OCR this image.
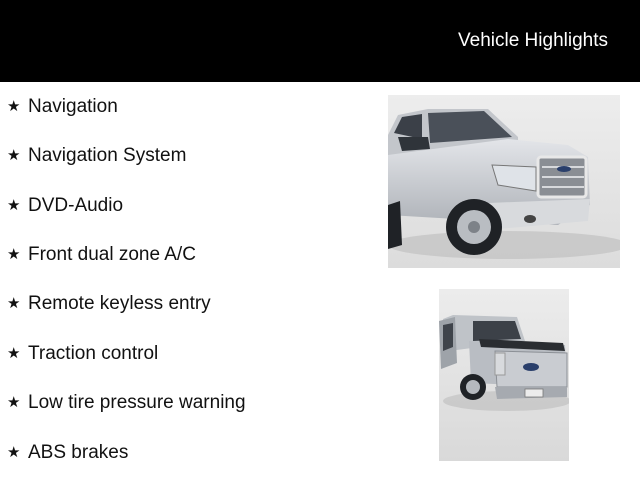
Vehicle Highlights
★ Navigation
★ Navigation System
★ DVD-Audio
★ Front dual zone A/C
★ Remote keyless entry
★ Traction control
★ Low tire pressure warning
★ ABS brakes
